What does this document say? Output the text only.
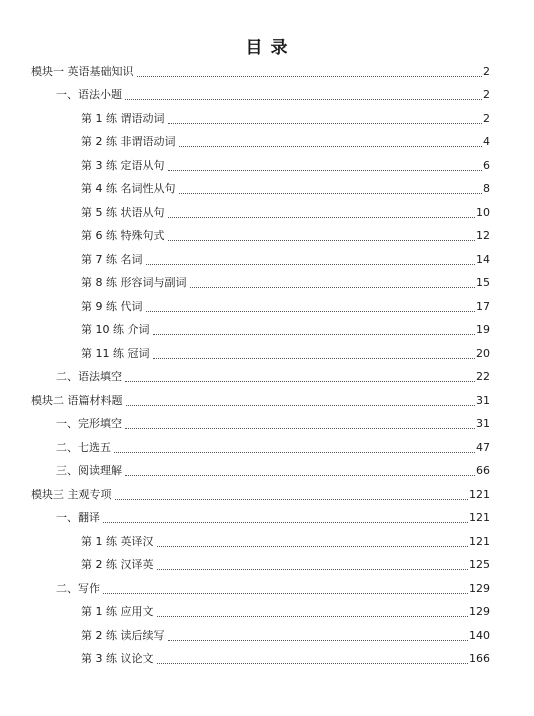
目 录
模块一 英语基础知识	2
一、语法小题	2
第 1 练 谓语动词	2
第 2 练 非谓语动词	4
第 3 练 定语从句	6
第 4 练 名词性从句	8
第 5 练 状语从句	10
第 6 练 特殊句式	12
第 7 练 名词	14
第 8 练 形容词与副词	15
第 9 练 代词	17
第 10 练 介词	19
第 11 练 冠词	20
二、语法填空	22
模块二 语篇材料题	31
一、完形填空	31
二、七选五	47
三、阅读理解	66
模块三 主观专项	121
一、翻译	121
第 1 练 英译汉	121
第 2 练 汉译英	125
二、写作	129
第 1 练 应用文	129
第 2 练 读后续写	140
第 3 练 议论文	166
